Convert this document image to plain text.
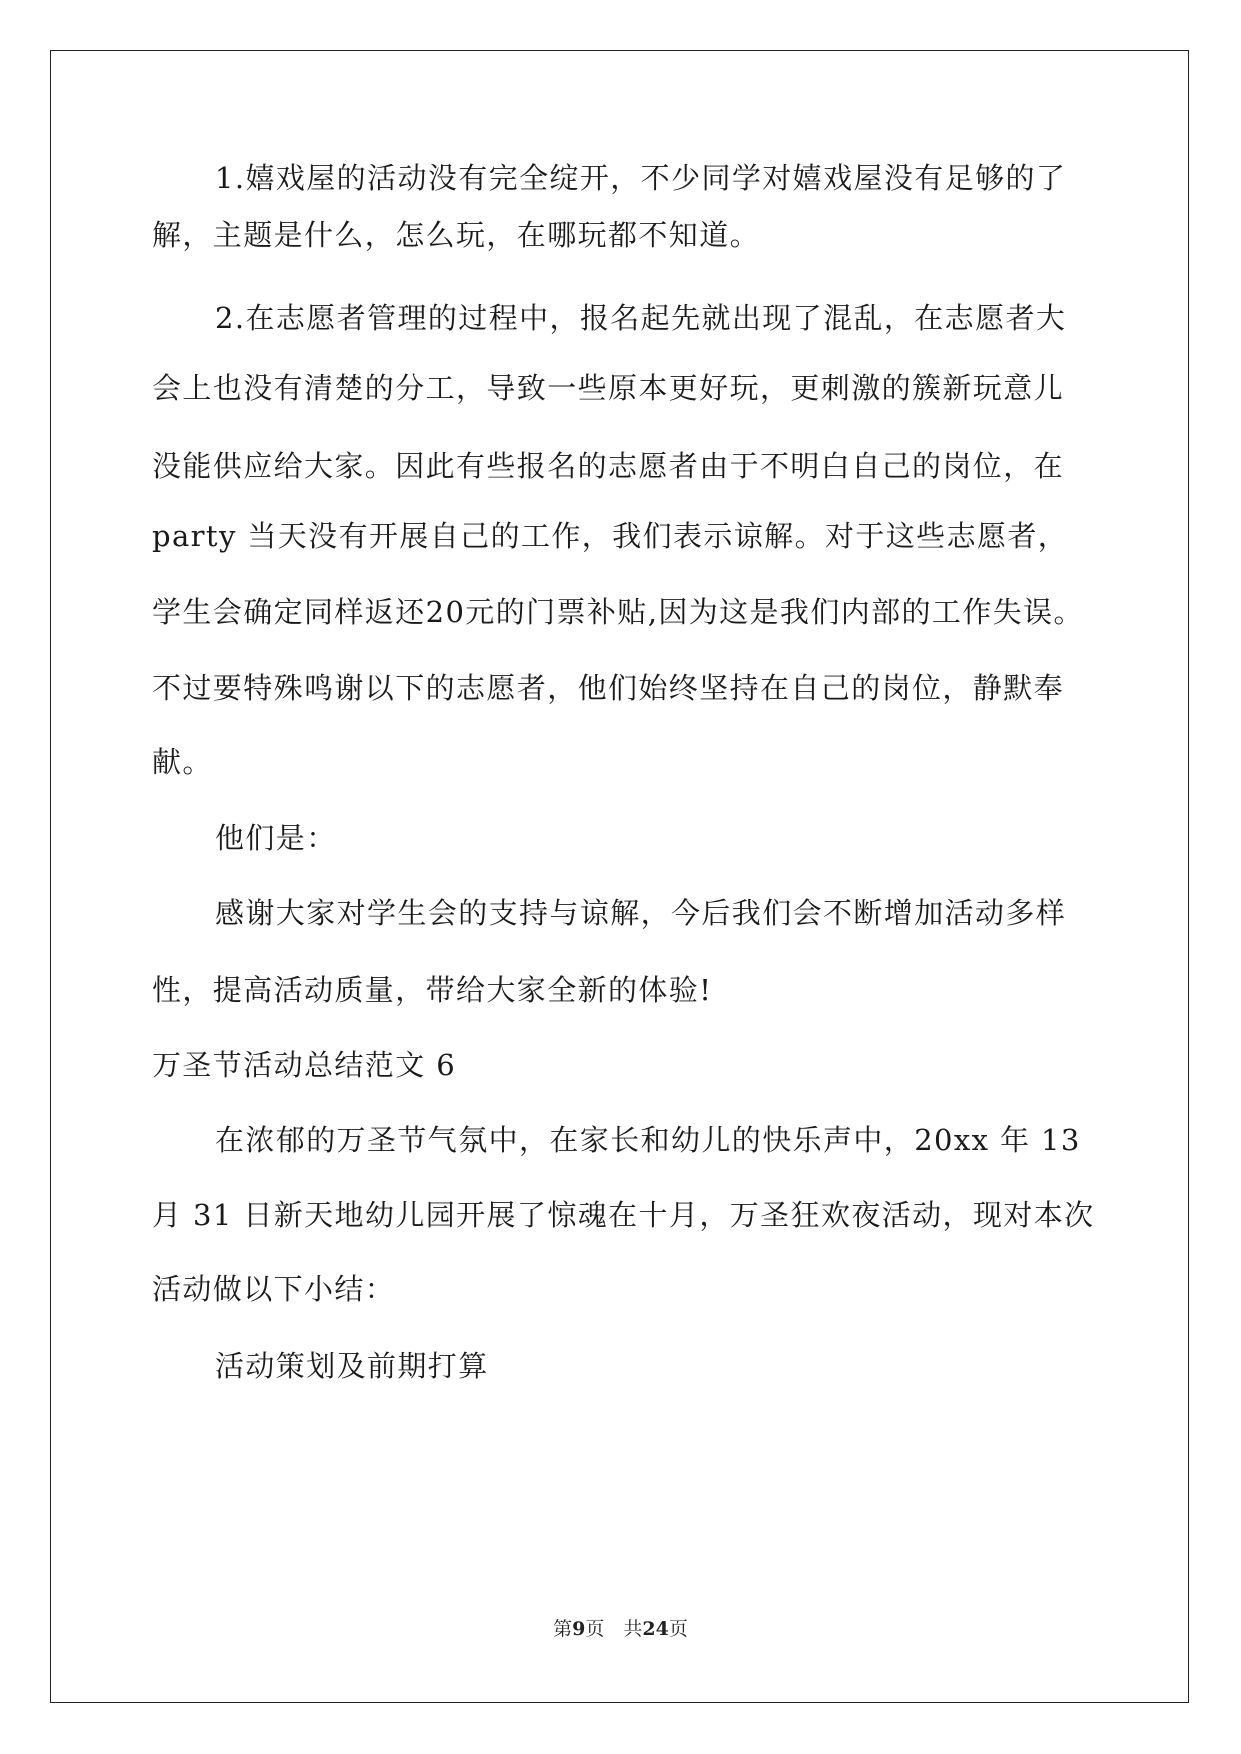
1.嬉戏屋的活动没有完全绽开，不少同学对嬉戏屋没有足够的了
解，主题是什么，怎么玩，在哪玩都不知道。
2.在志愿者管理的过程中，报名起先就出现了混乱，在志愿者大
会上也没有清楚的分工，导致一些原本更好玩，更刺激的簇新玩意儿
没能供应给大家。因此有些报名的志愿者由于不明白自己的岗位，在
party 当天没有开展自己的工作，我们表示谅解。对于这些志愿者，
学生会确定同样返还20元的门票补贴,因为这是我们内部的工作失误。
不过要特殊鸣谢以下的志愿者，他们始终坚持在自己的岗位，静默奉
献。
他们是：
感谢大家对学生会的支持与谅解，今后我们会不断增加活动多样
性，提高活动质量，带给大家全新的体验!
万圣节活动总结范文 6
在浓郁的万圣节气氛中，在家长和幼儿的快乐声中，20xx 年 13
月 31 日新天地幼儿园开展了惊魂在十月，万圣狂欢夜活动，现对本次
活动做以下小结：
活动策划及前期打算
第9页　共24页
